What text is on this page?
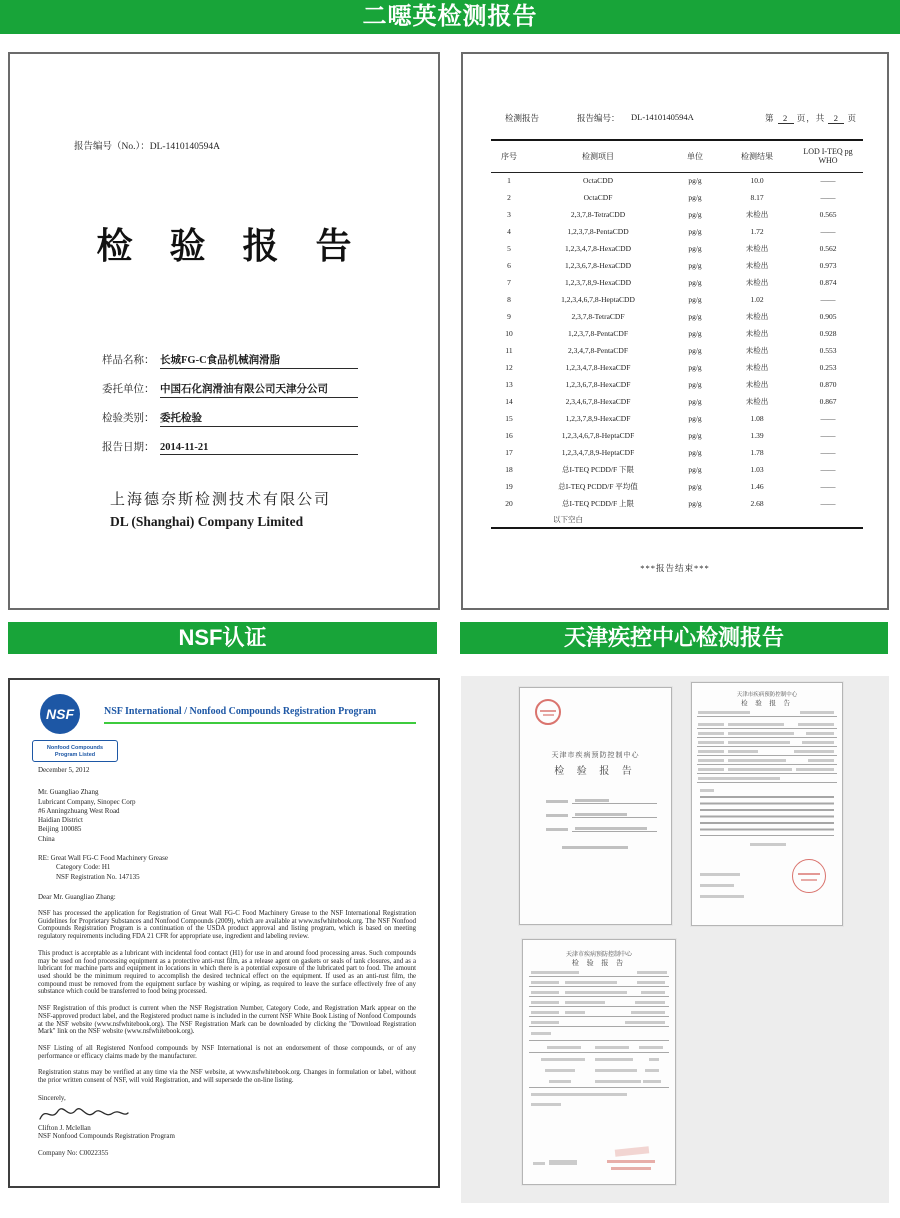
二噁英检测报告
NSF认证	天津疾控中心检测报告
报告编号（No.）：DL-1410140594A
检 验 报 告
样品名称： 长城FG-C食品机械润滑脂
委托单位： 中国石化润滑油有限公司天津分公司
检验类别： 委托检验
报告日期： 2014-11-21
上海德奈斯检测技术有限公司
DL (Shanghai) Company Limited
检测报告	报告编号： DL-1410140594A	第 2 页，共 2 页
序号	检测项目	单位	检测结果	LOD I-TEQ pg WHO
1	OctaCDD	pg/g	10.0	——
2	OctaCDF	pg/g	8.17	——
3	2,3,7,8-TetraCDD	pg/g	未检出	0.565
4	1,2,3,7,8-PentaCDD	pg/g	1.72	——
5	1,2,3,4,7,8-HexaCDD	pg/g	未检出	0.562
6	1,2,3,6,7,8-HexaCDD	pg/g	未检出	0.973
7	1,2,3,7,8,9-HexaCDD	pg/g	未检出	0.874
8	1,2,3,4,6,7,8-HeptaCDD	pg/g	1.02	——
9	2,3,7,8-TetraCDF	pg/g	未检出	0.905
10	1,2,3,7,8-PentaCDF	pg/g	未检出	0.928
11	2,3,4,7,8-PentaCDF	pg/g	未检出	0.553
12	1,2,3,4,7,8-HexaCDF	pg/g	未检出	0.253
13	1,2,3,6,7,8-HexaCDF	pg/g	未检出	0.870
14	2,3,4,6,7,8-HexaCDF	pg/g	未检出	0.867
15	1,2,3,7,8,9-HexaCDF	pg/g	1.08	——
16	1,2,3,4,6,7,8-HeptaCDF	pg/g	1.39	——
17	1,2,3,4,7,8,9-HeptaCDF	pg/g	1.78	——
18	总I-TEQ PCDD/F 下限	pg/g	1.03	——
19	总I-TEQ PCDD/F 平均值	pg/g	1.46	——
20	总I-TEQ PCDD/F 上限	pg/g	2.68	——
以下空白				
***报告结束***
NSF
Nonfood Compounds
Program Listed
NSF International / Nonfood Compounds Registration Program
December 5, 2012
Mr. Guangliao Zhang
Lubricant Company, Sinopec Corp
#6 Anningzhuang West Road
Haidian District
Beijing 100085
China
RE: Great Wall FG-C Food Machinery Grease
Category Code: H1
NSF Registration No. 147135
Dear Mr. Guangliao Zhang:

NSF has processed the application for Registration of Great Wall FG-C Food Machinery Grease to the NSF International Registration Guidelines for Proprietary Substances and Nonfood Compounds (2009), which are available at www.nsfwhitebook.org. The NSF Nonfood Compounds Registration Program is a continuation of the USDA product approval and listing program, which is based on meeting regulatory requirements including FDA 21 CFR for appropriate use, ingredient and labeling review.

This product is acceptable as a lubricant with incidental food contact (H1) for use in and around food processing areas. Such compounds may be used on food processing equipment as a protective anti-rust film, as a release agent on gaskets or seals of tank closures, and as a lubricant for machine parts and equipment in locations in which there is a potential exposure of the lubricated part to food. The amount used should be the minimum required to accomplish the desired technical effect on the equipment. If used as an anti-rust film, the compound must be removed from the equipment surface by washing or wiping, as required to leave the surface effectively free of any substance which could be transferred to food being processed.

NSF Registration of this product is current when the NSF Registration Number, Category Code, and Registration Mark appear on the NSF-approved product label, and the Registered product name is included in the current NSF White Book Listing of Nonfood Compounds at the NSF website (www.nsfwhitebook.org). The NSF Registration Mark can be downloaded by clicking the "Download Registration Mark" link on the NSF website (www.nsfwhitebook.org).

NSF Listing of all Registered Nonfood compounds by NSF International is not an endorsement of those compounds, or of any performance or efficacy claims made by the manufacturer.

Registration status may be verified at any time via the NSF website, at www.nsfwhitebook.org. Changes in formulation or label, without the prior written consent of NSF, will void Registration, and will supersede the on-line listing.

Sincerely,
Clifton J. Mclellan
NSF Nonfood Compounds Registration Program
Company No: C0022355
天津市疾病预防控制中心
检 验 报 告
天津市疾病预防控制中心
检 验 报 告
天津市疾病预防控制中心
检 验 报 告
